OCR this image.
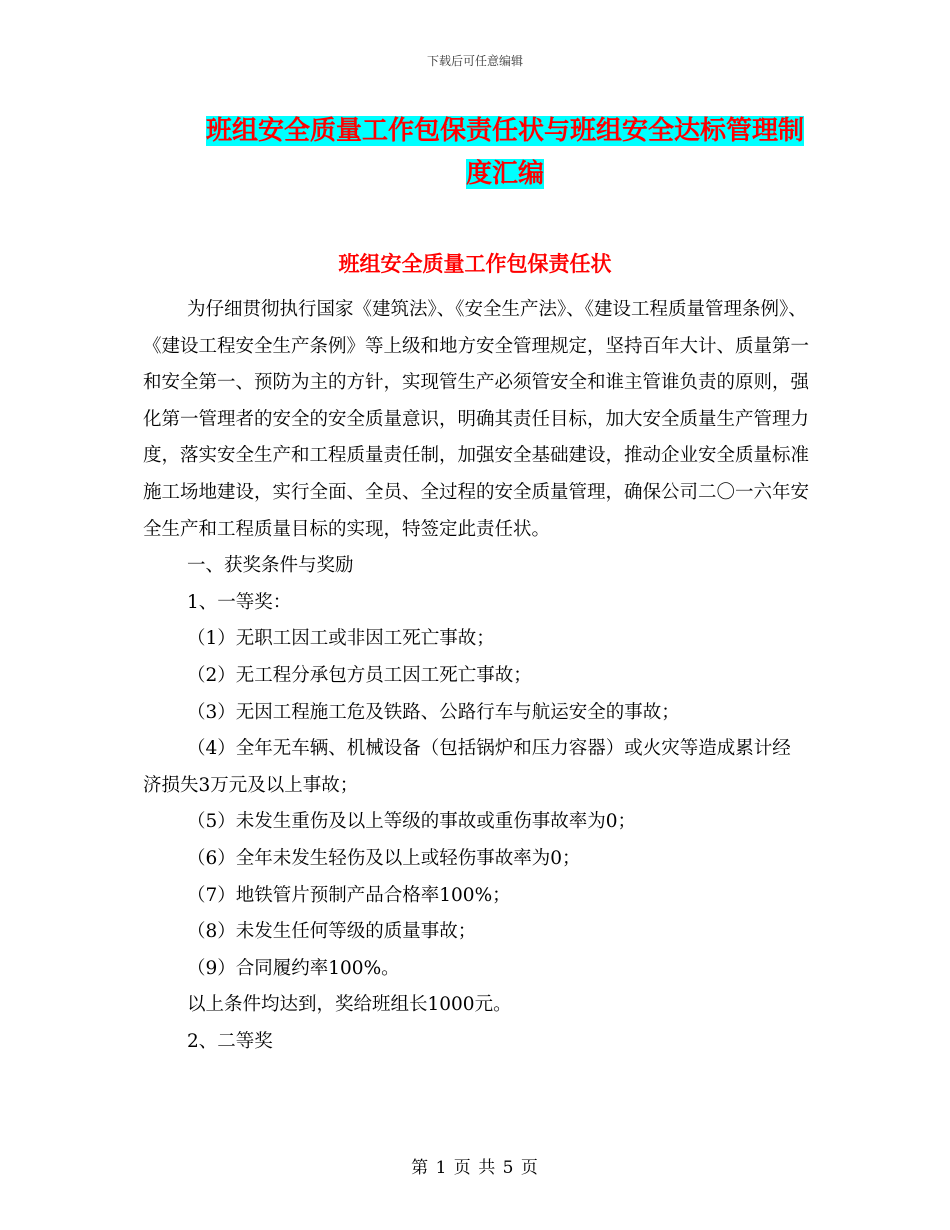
下载后可任意编辑
班组安全质量工作包保责任状与班组安全达标管理制度汇编
班组安全质量工作包保责任状

为仔细贯彻执行国家《建筑法》、《安全生产法》、《建设工程质量管理条例》、《建设工程安全生产条例》等上级和地方安全管理规定，坚持百年大计、质量第一和安全第一、预防为主的方针，实现管生产必须管安全和谁主管谁负责的原则，强化第一管理者的安全的安全质量意识，明确其责任目标，加大安全质量生产管理力度，落实安全生产和工程质量责任制，加强安全基础建设，推动企业安全质量标准施工场地建设，实行全面、全员、全过程的安全质量管理，确保公司二〇一六年安全生产和工程质量目标的实现，特签定此责任状。

一、获奖条件与奖励

1、一等奖：

（1）无职工因工或非因工死亡事故；

（2）无工程分承包方员工因工死亡事故；

（3）无因工程施工危及铁路、公路行车与航运安全的事故；

（4）全年无车辆、机械设备（包括锅炉和压力容器）或火灾等造成累计经济损失3万元及以上事故；

（5）未发生重伤及以上等级的事故或重伤事故率为0；

（6）全年未发生轻伤及以上或轻伤事故率为0；

（7）地铁管片预制产品合格率100%；

（8）未发生任何等级的质量事故；

（9）合同履约率100%。

以上条件均达到，奖给班组长1000元。

2、二等奖

第 1 页 共 5 页
